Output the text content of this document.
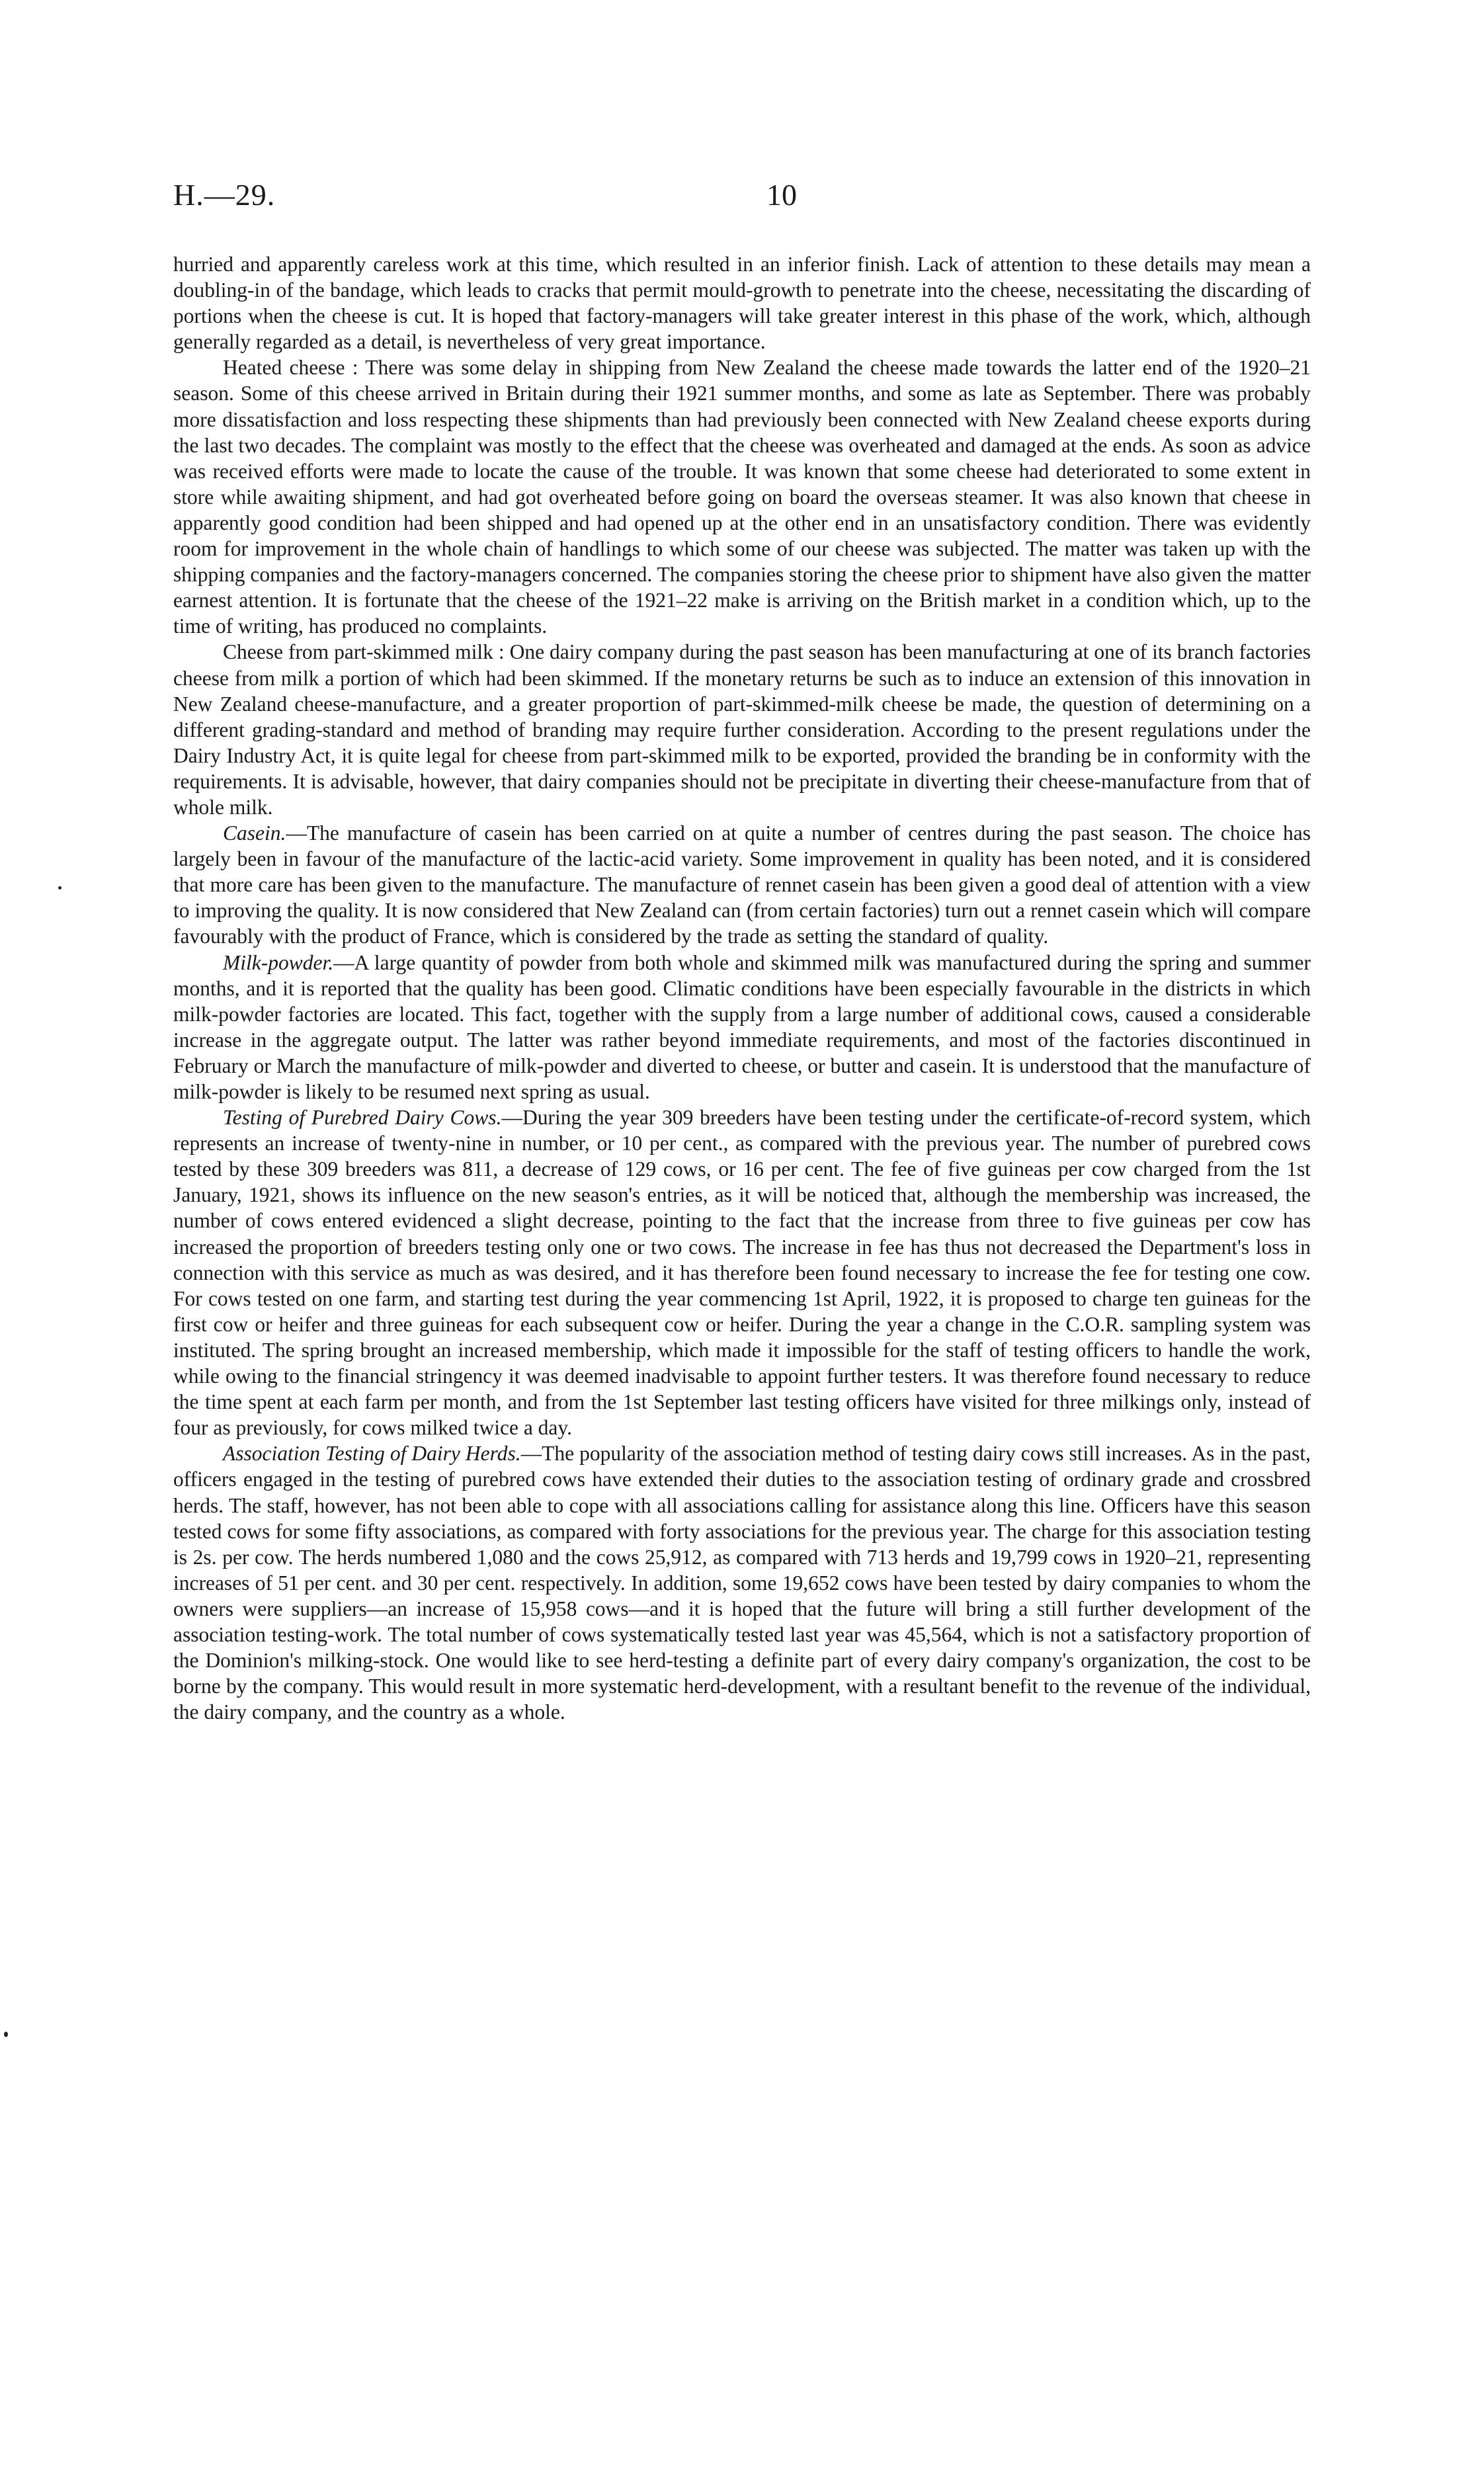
H.—29.	10

hurried and apparently careless work at this time, which resulted in an inferior finish. Lack of attention to these details may mean a doubling-in of the bandage, which leads to cracks that permit mould-growth to penetrate into the cheese, necessitating the discarding of portions when the cheese is cut. It is hoped that factory-managers will take greater interest in this phase of the work, which, although generally regarded as a detail, is nevertheless of very great importance.

Heated cheese : There was some delay in shipping from New Zealand the cheese made towards the latter end of the 1920–21 season. Some of this cheese arrived in Britain during their 1921 summer months, and some as late as September. There was probably more dissatisfaction and loss respecting these shipments than had previously been connected with New Zealand cheese exports during the last two decades. The complaint was mostly to the effect that the cheese was overheated and damaged at the ends. As soon as advice was received efforts were made to locate the cause of the trouble. It was known that some cheese had deteriorated to some extent in store while awaiting shipment, and had got overheated before going on board the overseas steamer. It was also known that cheese in apparently good condition had been shipped and had opened up at the other end in an unsatisfactory condition. There was evidently room for improvement in the whole chain of handlings to which some of our cheese was subjected. The matter was taken up with the shipping companies and the factory-managers concerned. The companies storing the cheese prior to shipment have also given the matter earnest attention. It is fortunate that the cheese of the 1921–22 make is arriving on the British market in a condition which, up to the time of writing, has produced no complaints.

Cheese from part-skimmed milk : One dairy company during the past season has been manufacturing at one of its branch factories cheese from milk a portion of which had been skimmed. If the monetary returns be such as to induce an extension of this innovation in New Zealand cheese-manufacture, and a greater proportion of part-skimmed-milk cheese be made, the question of determining on a different grading-standard and method of branding may require further consideration. According to the present regulations under the Dairy Industry Act, it is quite legal for cheese from part-skimmed milk to be exported, provided the branding be in conformity with the requirements. It is advisable, however, that dairy companies should not be precipitate in diverting their cheese-manufacture from that of whole milk.

Casein.—The manufacture of casein has been carried on at quite a number of centres during the past season. The choice has largely been in favour of the manufacture of the lactic-acid variety. Some improvement in quality has been noted, and it is considered that more care has been given to the manufacture. The manufacture of rennet casein has been given a good deal of attention with a view to improving the quality. It is now considered that New Zealand can (from certain factories) turn out a rennet casein which will compare favourably with the product of France, which is considered by the trade as setting the standard of quality.

Milk-powder.—A large quantity of powder from both whole and skimmed milk was manufactured during the spring and summer months, and it is reported that the quality has been good. Climatic conditions have been especially favourable in the districts in which milk-powder factories are located. This fact, together with the supply from a large number of additional cows, caused a considerable increase in the aggregate output. The latter was rather beyond immediate requirements, and most of the factories discontinued in February or March the manufacture of milk-powder and diverted to cheese, or butter and casein. It is understood that the manufacture of milk-powder is likely to be resumed next spring as usual.

Testing of Purebred Dairy Cows.—During the year 309 breeders have been testing under the certificate-of-record system, which represents an increase of twenty-nine in number, or 10 per cent., as compared with the previous year. The number of purebred cows tested by these 309 breeders was 811, a decrease of 129 cows, or 16 per cent. The fee of five guineas per cow charged from the 1st January, 1921, shows its influence on the new season's entries, as it will be noticed that, although the membership was increased, the number of cows entered evidenced a slight decrease, pointing to the fact that the increase from three to five guineas per cow has increased the proportion of breeders testing only one or two cows. The increase in fee has thus not decreased the Department's loss in connection with this service as much as was desired, and it has therefore been found necessary to increase the fee for testing one cow. For cows tested on one farm, and starting test during the year commencing 1st April, 1922, it is proposed to charge ten guineas for the first cow or heifer and three guineas for each subsequent cow or heifer. During the year a change in the C.O.R. sampling system was instituted. The spring brought an increased membership, which made it impossible for the staff of testing officers to handle the work, while owing to the financial stringency it was deemed inadvisable to appoint further testers. It was therefore found necessary to reduce the time spent at each farm per month, and from the 1st September last testing officers have visited for three milkings only, instead of four as previously, for cows milked twice a day.

Association Testing of Dairy Herds.—The popularity of the association method of testing dairy cows still increases. As in the past, officers engaged in the testing of purebred cows have extended their duties to the association testing of ordinary grade and crossbred herds. The staff, however, has not been able to cope with all associations calling for assistance along this line. Officers have this season tested cows for some fifty associations, as compared with forty associations for the previous year. The charge for this association testing is 2s. per cow. The herds numbered 1,080 and the cows 25,912, as compared with 713 herds and 19,799 cows in 1920–21, representing increases of 51 per cent. and 30 per cent. respectively. In addition, some 19,652 cows have been tested by dairy companies to whom the owners were suppliers—an increase of 15,958 cows—and it is hoped that the future will bring a still further development of the association testing-work. The total number of cows systematically tested last year was 45,564, which is not a satisfactory proportion of the Dominion's milking-stock. One would like to see herd-testing a definite part of every dairy company's organization, the cost to be borne by the company. This would result in more systematic herd-development, with a resultant benefit to the revenue of the individual, the dairy company, and the country as a whole.
